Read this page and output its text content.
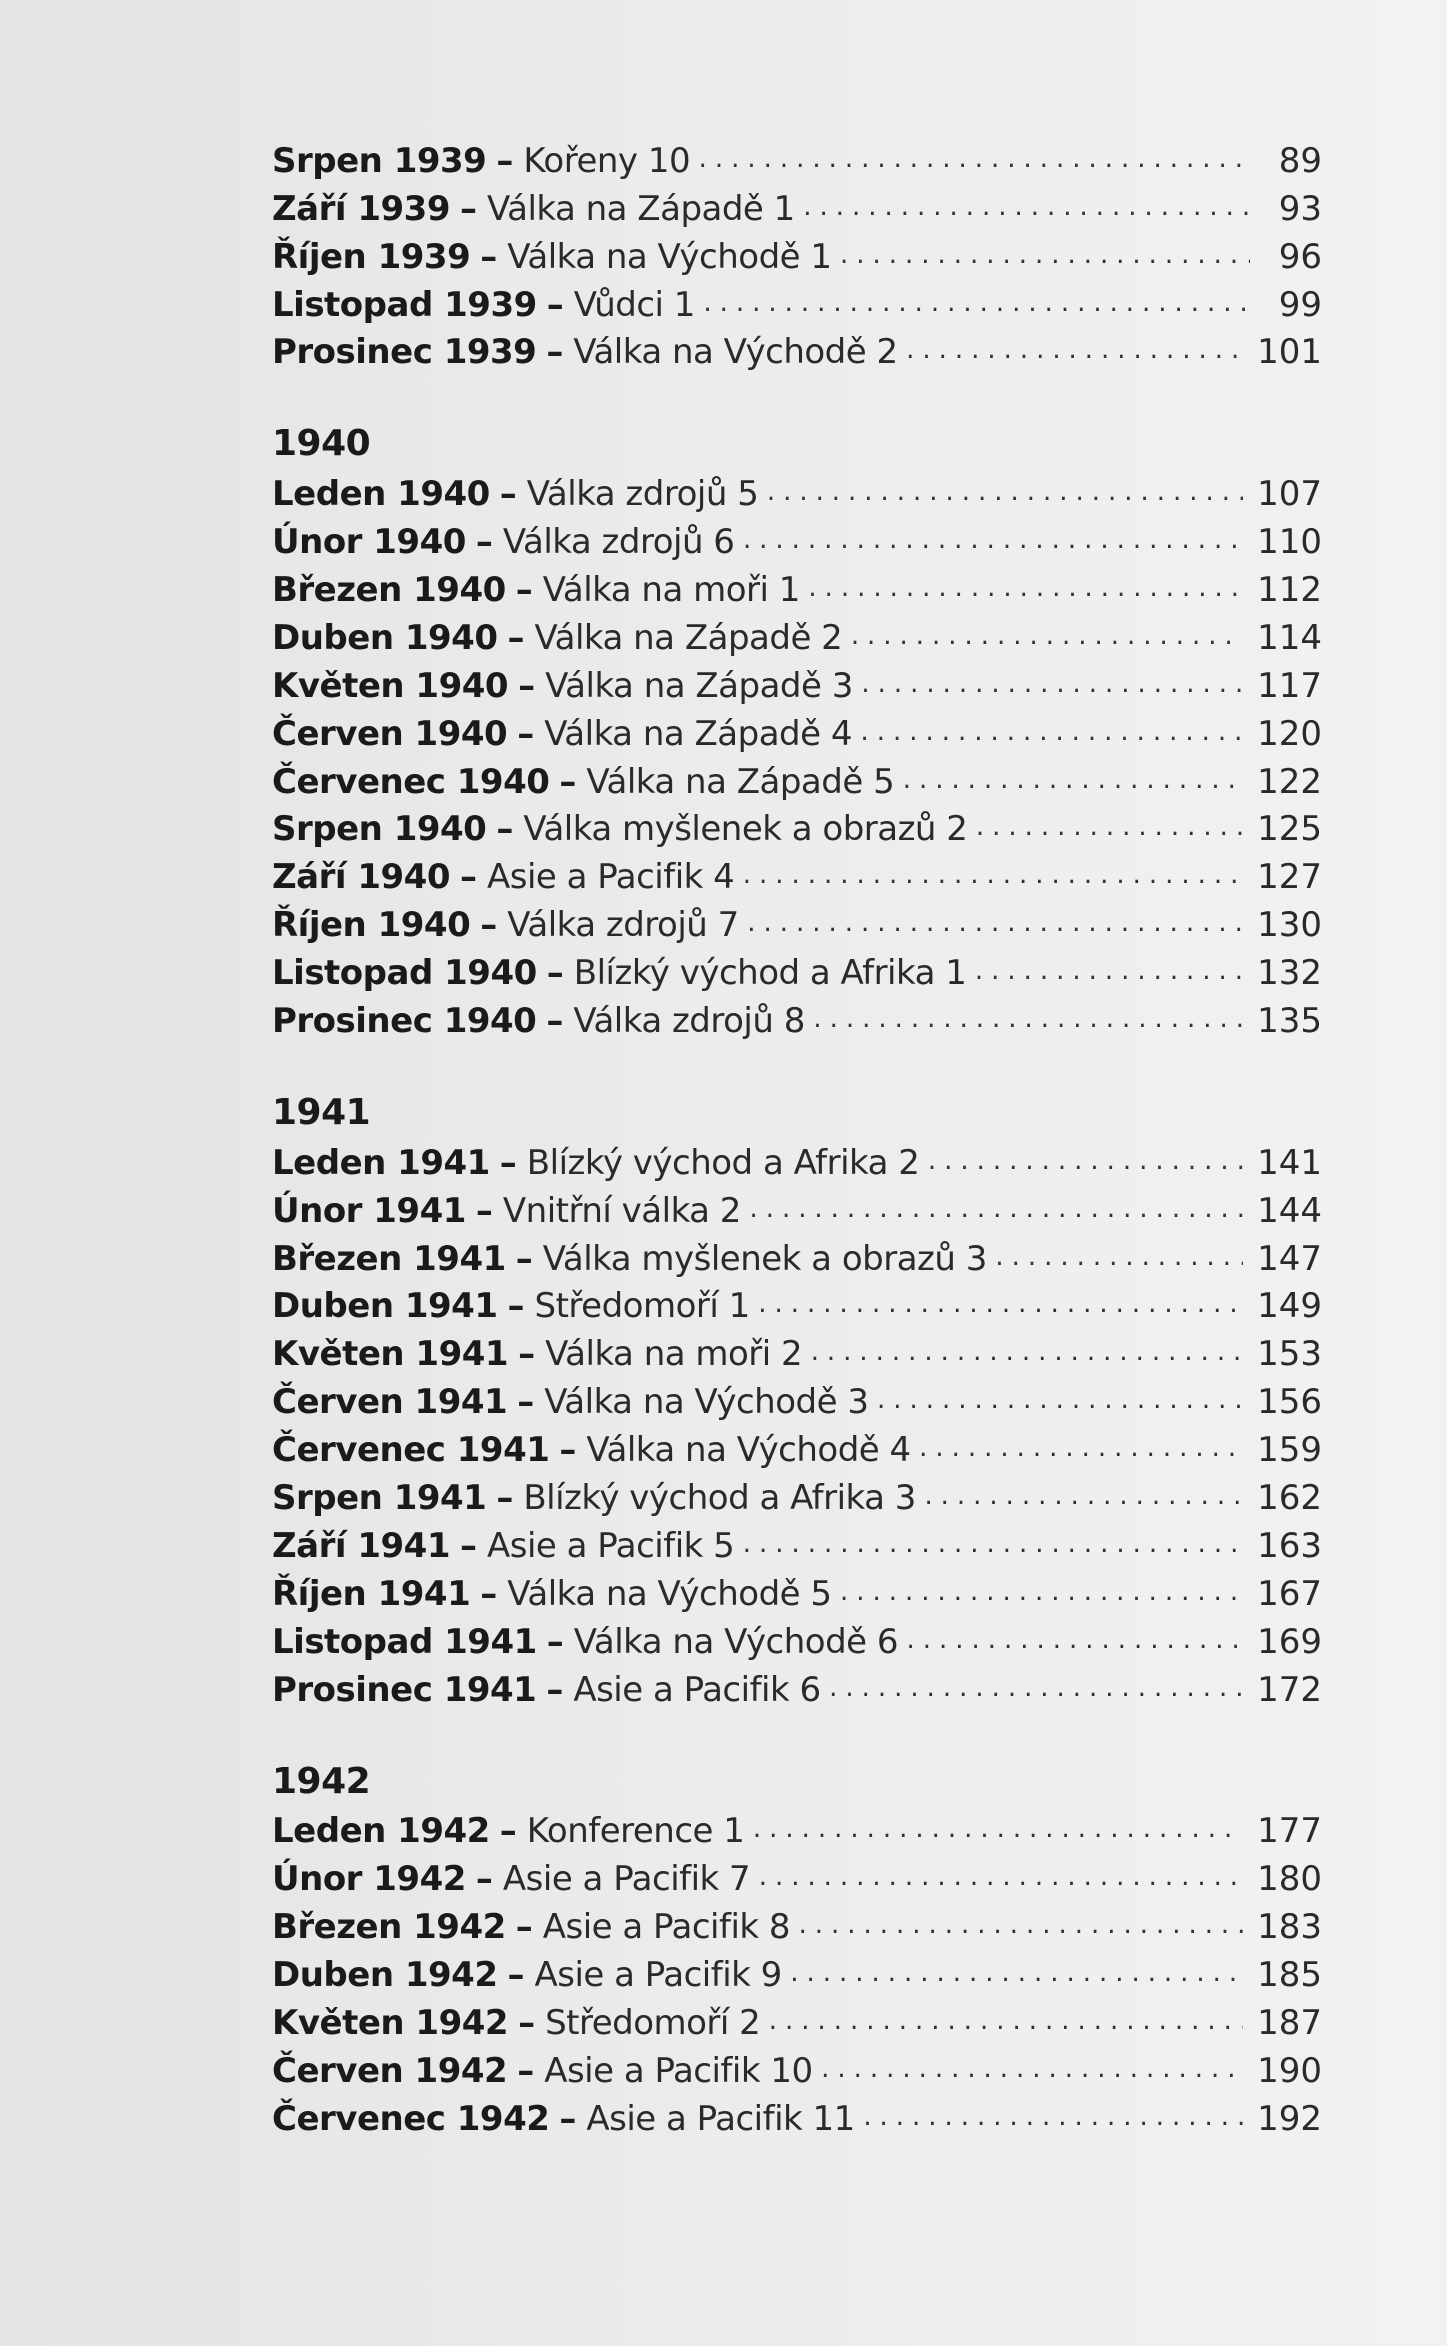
Srpen 1939 – Kořeny 10 .....	89
Září 1939 – Válka na Západě 1 .....	93
Říjen 1939 – Válka na Východě 1 .....	96
Listopad 1939 – Vůdci 1 .....	99
Prosinec 1939 – Válka na Východě 2 .....	101
1940
Leden 1940 – Válka zdrojů 5 .....	107
Únor 1940 – Válka zdrojů 6 .....	110
Březen 1940 – Válka na moři 1 .....	112
Duben 1940 – Válka na Západě 2 .....	114
Květen 1940 – Válka na Západě 3 .....	117
Červen 1940 – Válka na Západě 4 .....	120
Červenec 1940 – Válka na Západě 5 .....	122
Srpen 1940 – Válka myšlenek a obrazů 2 .....	125
Září 1940 – Asie a Pacifik 4 .....	127
Říjen 1940 – Válka zdrojů 7 .....	130
Listopad 1940 – Blízký východ a Afrika 1 .....	132
Prosinec 1940 – Válka zdrojů 8 .....	135
1941
Leden 1941 – Blízký východ a Afrika 2 .....	141
Únor 1941 – Vnitřní válka 2 .....	144
Březen 1941 – Válka myšlenek a obrazů 3 .....	147
Duben 1941 – Středomoří 1 .....	149
Květen 1941 – Válka na moři 2 .....	153
Červen 1941 – Válka na Východě 3 .....	156
Červenec 1941 – Válka na Východě 4 .....	159
Srpen 1941 – Blízký východ a Afrika 3 .....	162
Září 1941 – Asie a Pacifik 5 .....	163
Říjen 1941 – Válka na Východě 5 .....	167
Listopad 1941 – Válka na Východě 6 .....	169
Prosinec 1941 – Asie a Pacifik 6 .....	172
1942
Leden 1942 – Konference 1 .....	177
Únor 1942 – Asie a Pacifik 7 .....	180
Březen 1942 – Asie a Pacifik 8 .....	183
Duben 1942 – Asie a Pacifik 9 .....	185
Květen 1942 – Středomoří 2 .....	187
Červen 1942 – Asie a Pacifik 10 .....	190
Červenec 1942 – Asie a Pacifik 11 .....	192
